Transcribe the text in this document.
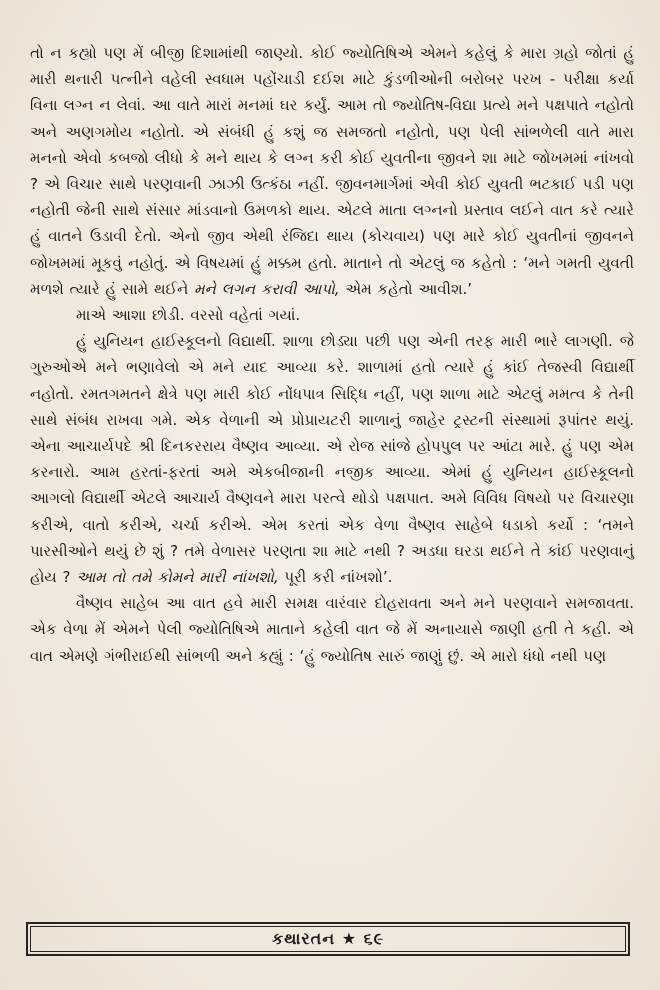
તો ન કહ્યો પણ મેં બીજી દિશામાંથી જાણ્યો. કોઈ જ્યોતિષિએ એમને કહેલું કે મારા ગ્રહો જોતાં હું મારી થનારી પત્નીને વહેલી સ્વધામ પહોંચાડી દઈશ માટે કુંડળીઓની બરોબર પરખ - પરીક્ષા કર્યા વિના લગ્ન ન લેવાં. આ વાતે મારાં મનમાં ઘર કર્યું. આમ તો જ્યોતિષ-વિદ્યા પ્રત્યે મને પક્ષપાતે નહોતો અને અણગમોય નહોતો. એ સંબંધી હું કશું જ સમજતો નહોતો, પણ પેલી સાંભળેલી વાતે મારા મનનો એવો કબજો લીધો કે મને થાય કે લગ્ન કરી કોઈ યુવતીના જીવને શા માટે જોખમમાં નાંખવો ? એ વિચાર સાથે પરણવાની ઝાઝી ઉત્કંઠા નહીં. જીવનમાર્ગમાં એવી કોઈ યુવતી ભટકાઈ પડી પણ નહોતી જેની સાથે સંસાર માંડવાનો ઉમળકો થાય. એટલે માતા લગ્નનો પ્રસ્તાવ લઈને વાત કરે ત્યારે હું વાતને ઉડાવી દેતો. એનો જીવ એથી રંજિદા થાય (કોચવાય) પણ મારે કોઈ યુવતીનાં જીવનને જોખમમાં મૂકવું નહોતું. એ વિષયમાં હું મક્કમ હતો. માતાને તો એટલું જ કહેતો : ‘મને ગમતી યુવતી મળશે ત્યારે હું સામે થઈને મને લગન કરાવી આપો, એમ કહેતો આવીશ.’

માએ આશા છોડી. વરસો વહેતાં ગયાં.

હું યુનિયન હાઈસ્કૂલનો વિદ્યાર્થી. શાળા છોડ્યા પછી પણ એની તરફ મારી ભારે લાગણી. જે ગુરુઓએ મને ભણાવેલો એ મને યાદ આવ્યા કરે. શાળામાં હતો ત્યારે હું કાંઈ તેજસ્વી વિદ્યાર્થી નહોતો. રમતગમતને ક્ષેત્રે પણ મારી કોઈ નોંધપાત્ર સિદ્ધિ નહીં, પણ શાળા માટે એટલું મમત્વ કે તેની સાથે સંબંધ રાખવા ગમે. એક વેળાની એ પ્રોપ્રાયટરી શાળાનું જાહેર ટ્રસ્ટની સંસ્થામાં રૂપાંતર થયું. એના આચાર્યપદે શ્રી દિનકરરાય વૈષ્ણવ આવ્યા. એ રોજ સાંજે હોપપુલ પર આંટા મારે. હું પણ એમ કરનારો. આમ હરતાં-ફરતાં અમે એકબીજાની નજીક આવ્યા. એમાં હું યુનિયન હાઈસ્કૂલનો આગલો વિદ્યાર્થી એટલે આચાર્ય વૈષ્ણવને મારા પરત્વે થોડો પક્ષપાત. અમે વિવિધ વિષયો પર વિચારણા કરીએ, વાતો કરીએ, ચર્ચા કરીએ. એમ કરતાં એક વેળા વૈષ્ણવ સાહેબે ધડાકો કર્યો : ‘તમને પારસીઓને થયું છે શું ? તમે વેળાસર પરણતા શા માટે નથી ? અડધા ઘરડા થઈને તે કાંઈ પરણવાનું હોય ? આમ તો તમે કોમને મારી નાંખશો, પૂરી કરી નાંખશો’.

વૈષ્ણવ સાહેબ આ વાત હવે મારી સમક્ષ વારંવાર દોહરાવતા અને મને પરણવાને સમજાવતા. એક વેળા મેં એમને પેલી જ્યોતિષિએ માતાને કહેલી વાત જે મેં અનાયાસે જાણી હતી તે કહી. એ વાત એમણે ગંભીરાઈથી સાંભળી અને કહ્યું : ‘હું જ્યોતિષ સારું જાણું છું. એ મારો ધંધો નથી પણ

કથારતન ★ ૬૯
